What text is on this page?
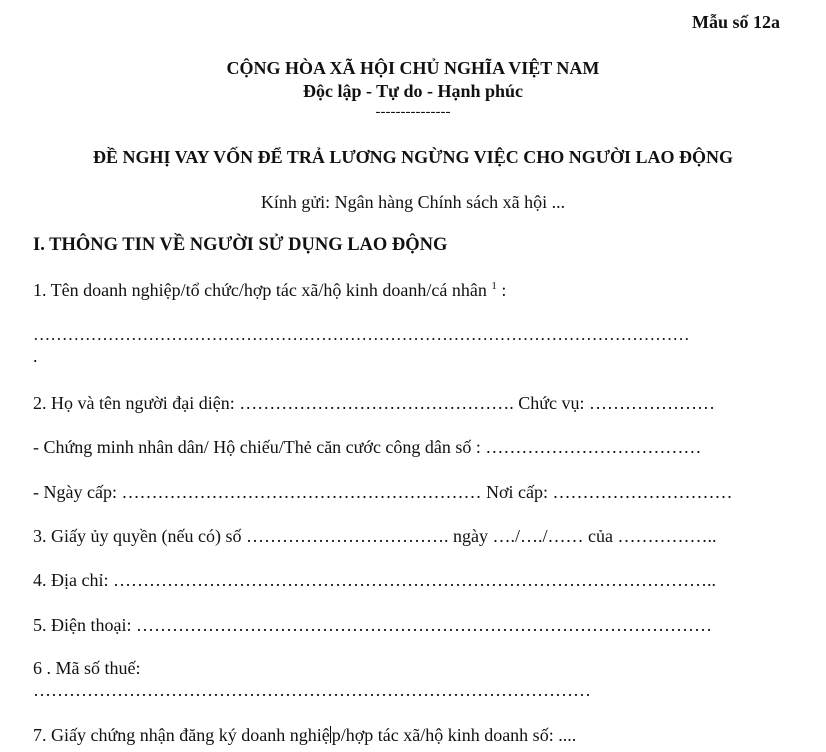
Mẫu số 12a
CỘNG HÒA XÃ HỘI CHỦ NGHĨA VIỆT NAM
Độc lập - Tự do - Hạnh phúc
---------------
ĐỀ NGHỊ VAY VỐN ĐỂ TRẢ LƯƠNG NGỪNG VIỆC CHO NGƯỜI LAO ĐỘNG
Kính gửi: Ngân hàng Chính sách xã hội ...
I. THÔNG TIN VỀ NGƯỜI SỬ DỤNG LAO ĐỘNG
1. Tên doanh nghiệp/tổ chức/hợp tác xã/hộ kinh doanh/cá nhân $^1$ :
……………………………………………………………………………………………………
.
2. Họ và tên người đại diện: ………………………………………. Chức vụ: …………………
- Chứng minh nhân dân/ Hộ chiếu/Thẻ căn cước công dân số : ………………………………
- Ngày cấp: …………………………………………………… Nơi cấp: …………………………
3. Giấy ủy quyền (nếu có) số ……………………………. ngày …./…./…… của ……………..
4. Địa chỉ: ………………………………………………………………………………………..
5. Điện thoại: ……………………………………………………………………………………
6 . Mã số thuế:
…………………………………………………………………………………
7. Giấy chứng nhận đăng ký doanh nghiệ p/hợp tác xã/hộ kinh doanh số: ....
